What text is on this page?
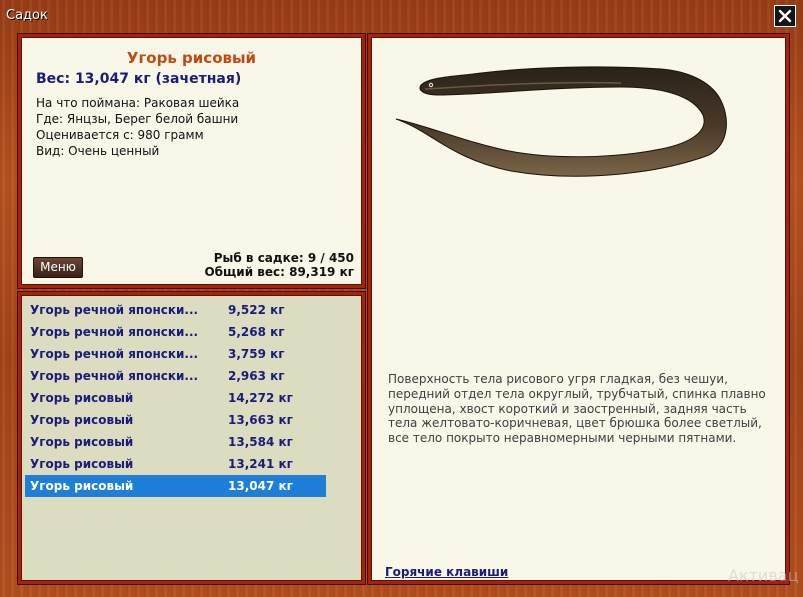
Садок
Угорь рисовый
Вес: 13,047 кг (зачетная)
На что поймана: Раковая шейка
Где: Янцзы, Берег белой башни
Оценивается с: 980 грамм
Вид: Очень ценный
Меню
Рыб в садке: 9 / 450
Общий вес: 89,319 кг
Угорь речной японски...	9,522 кг
Угорь речной японски...	5,268 кг
Угорь речной японски...	3,759 кг
Угорь речной японски...	2,963 кг
Угорь рисовый	14,272 кг
Угорь рисовый	13,663 кг
Угорь рисовый	13,584 кг
Угорь рисовый	13,241 кг
Угорь рисовый	13,047 кг
Поверхность тела рисового угря гладкая, без чешуи, передний отдел тела округлый, трубчатый, спинка плавно уплощена, хвост короткий и заостренный, задняя часть тела желтовато-коричневая, цвет брюшка более светлый, все тело покрыто неравномерными черными пятнами.
Горячие клавиши	Активац
